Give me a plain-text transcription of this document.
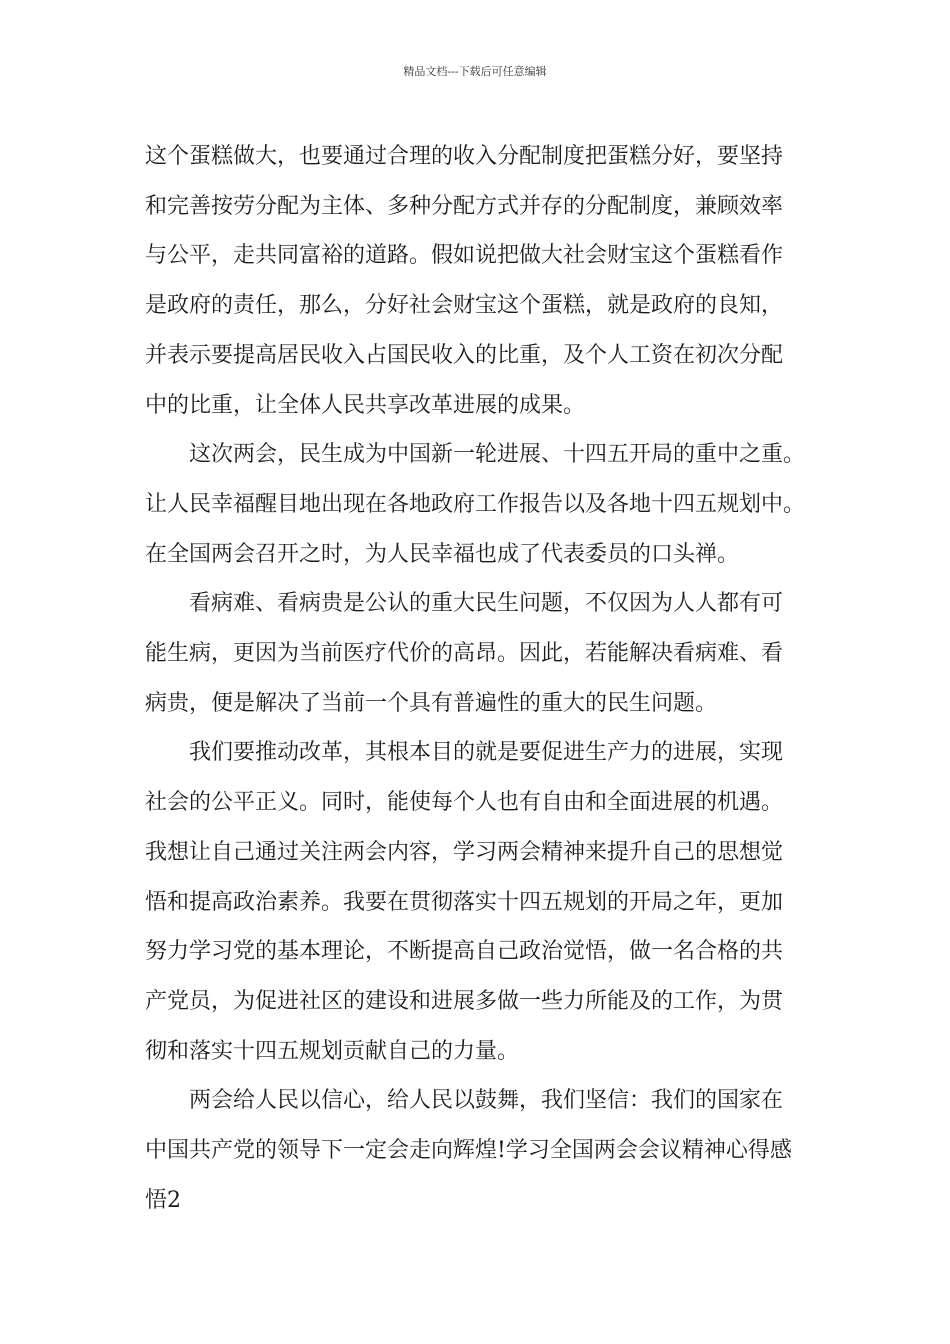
精品文档---下载后可任意编辑

这个蛋糕做大，也要通过合理的收入分配制度把蛋糕分好，要坚持
和完善按劳分配为主体、多种分配方式并存的分配制度，兼顾效率
与公平，走共同富裕的道路。假如说把做大社会财宝这个蛋糕看作
是政府的责任，那么，分好社会财宝这个蛋糕，就是政府的良知，
并表示要提高居民收入占国民收入的比重，及个人工资在初次分配
中的比重，让全体人民共享改革进展的成果。

这次两会，民生成为中国新一轮进展、十四五开局的重中之重。
让人民幸福醒目地出现在各地政府工作报告以及各地十四五规划中。
在全国两会召开之时，为人民幸福也成了代表委员的口头禅。

看病难、看病贵是公认的重大民生问题，不仅因为人人都有可
能生病，更因为当前医疗代价的高昂。因此，若能解决看病难、看
病贵，便是解决了当前一个具有普遍性的重大的民生问题。

我们要推动改革，其根本目的就是要促进生产力的进展，实现
社会的公平正义。同时，能使每个人也有自由和全面进展的机遇。
我想让自己通过关注两会内容，学习两会精神来提升自己的思想觉
悟和提高政治素养。我要在贯彻落实十四五规划的开局之年，更加
努力学习党的基本理论，不断提高自己政治觉悟，做一名合格的共
产党员，为促进社区的建设和进展多做一些力所能及的工作，为贯
彻和落实十四五规划贡献自己的力量。

两会给人民以信心，给人民以鼓舞，我们坚信：我们的国家在
中国共产党的领导下一定会走向辉煌!学习全国两会会议精神心得感
悟2
